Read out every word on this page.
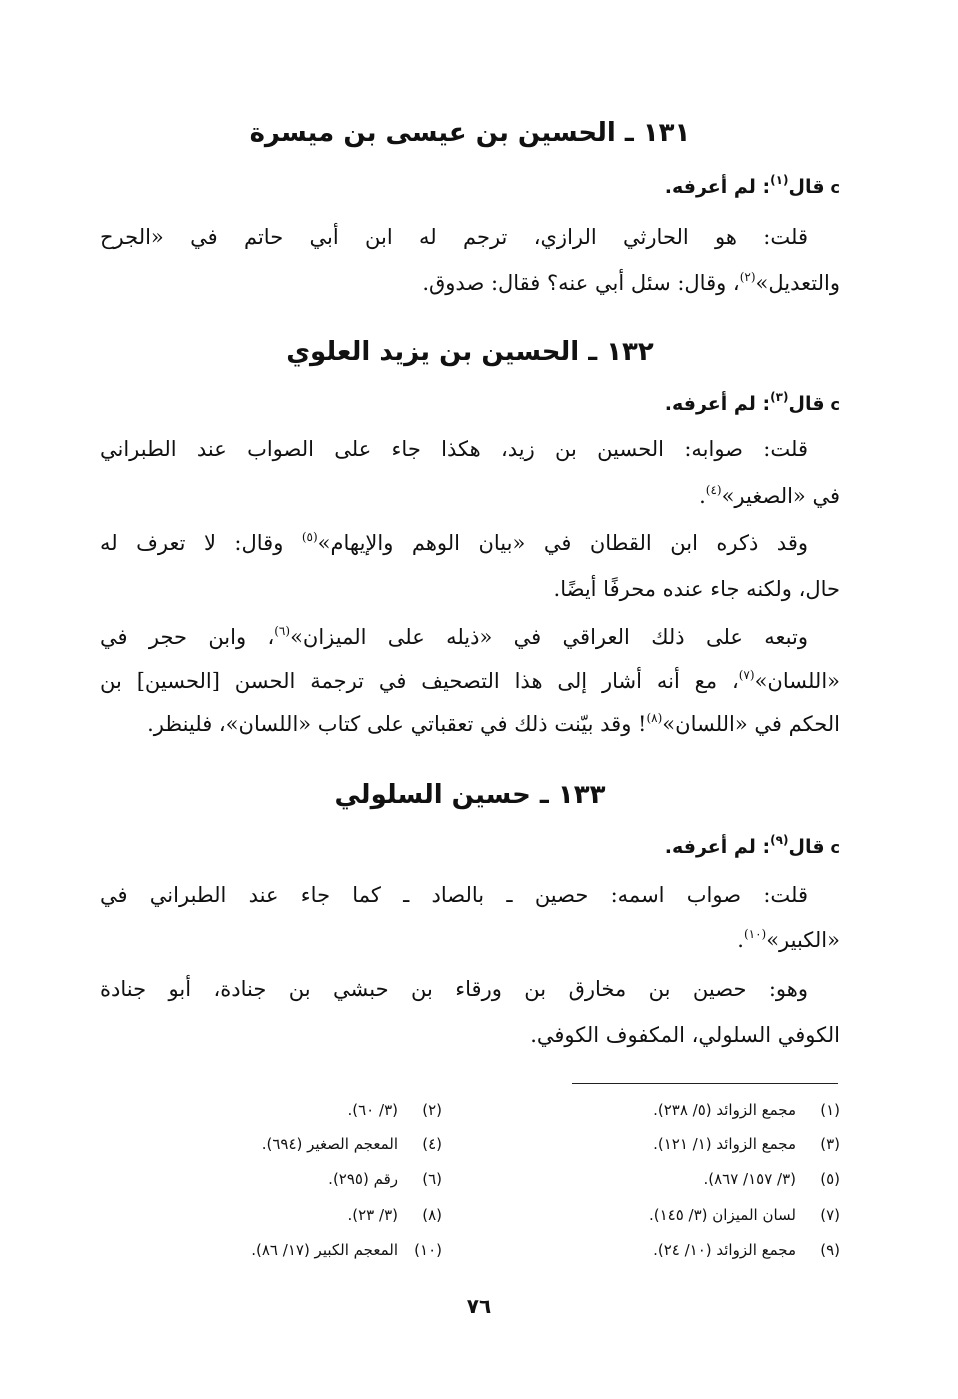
١٣١ ـ الحسين بن عيسى بن ميسرة
cقال$^{(١)}$: لم أعرفه.
قلت: هو الحارثي الرازي، ترجم له ابن أبي حاتم في «الجرح
والتعديل»$^{(٢)}$، وقال: سئل أبي عنه؟ فقال: صدوق.
١٣٢ ـ الحسين بن يزيد العلوي
cقال$^{(٣)}$: لم أعرفه.
قلت: صوابه: الحسين بن زيد، هكذا جاء على الصواب عند الطبراني
في «الصغير»$^{(٤)}$.
وقد ذكره ابن القطان في «بيان الوهم والإيهام»$^{(٥)}$ وقال: لا تعرف له
حال، ولكنه جاء عنده محرفًا أيضًا.
وتبعه على ذلك العراقي في «ذيله على الميزان»$^{(٦)}$، وابن حجر في
«اللسان»$^{(٧)}$، مع أنه أشار إلى هذا التصحيف في ترجمة الحسن [الحسين] بن
الحكم في «اللسان»$^{(٨)}$! وقد بيّنت ذلك في تعقباتي على كتاب «اللسان»، فلينظر.
١٣٣ ـ حسين السلولي
cقال$^{(٩)}$: لم أعرفه.
قلت: صواب اسمه: حصين ـ بالصاد ـ كما جاء عند الطبراني في
«الكبير»$^{(١٠)}$.
وهو: حصين بن مخارق بن ورقاء بن حبشي بن جنادة، أبو جنادة
الكوفي السلولي، المكفوف الكوفي.
(١)مجمع الزوائد (٥/ ٢٣٨).
(٢)(٣/ ٦٠).
(٣)مجمع الزوائد (١/ ١٢١).
(٤)المعجم الصغير (٦٩٤).
(٥)(٣/ ١٥٧/ ٨٦٧).
(٦)رقم (٢٩٥).
(٧)لسان الميزان (٣/ ١٤٥).
(٨)(٣/ ٢٣).
(٩)مجمع الزوائد (١٠/ ٢٤).
(١٠)المعجم الكبير (١٧/ ٨٦).
٧٦
